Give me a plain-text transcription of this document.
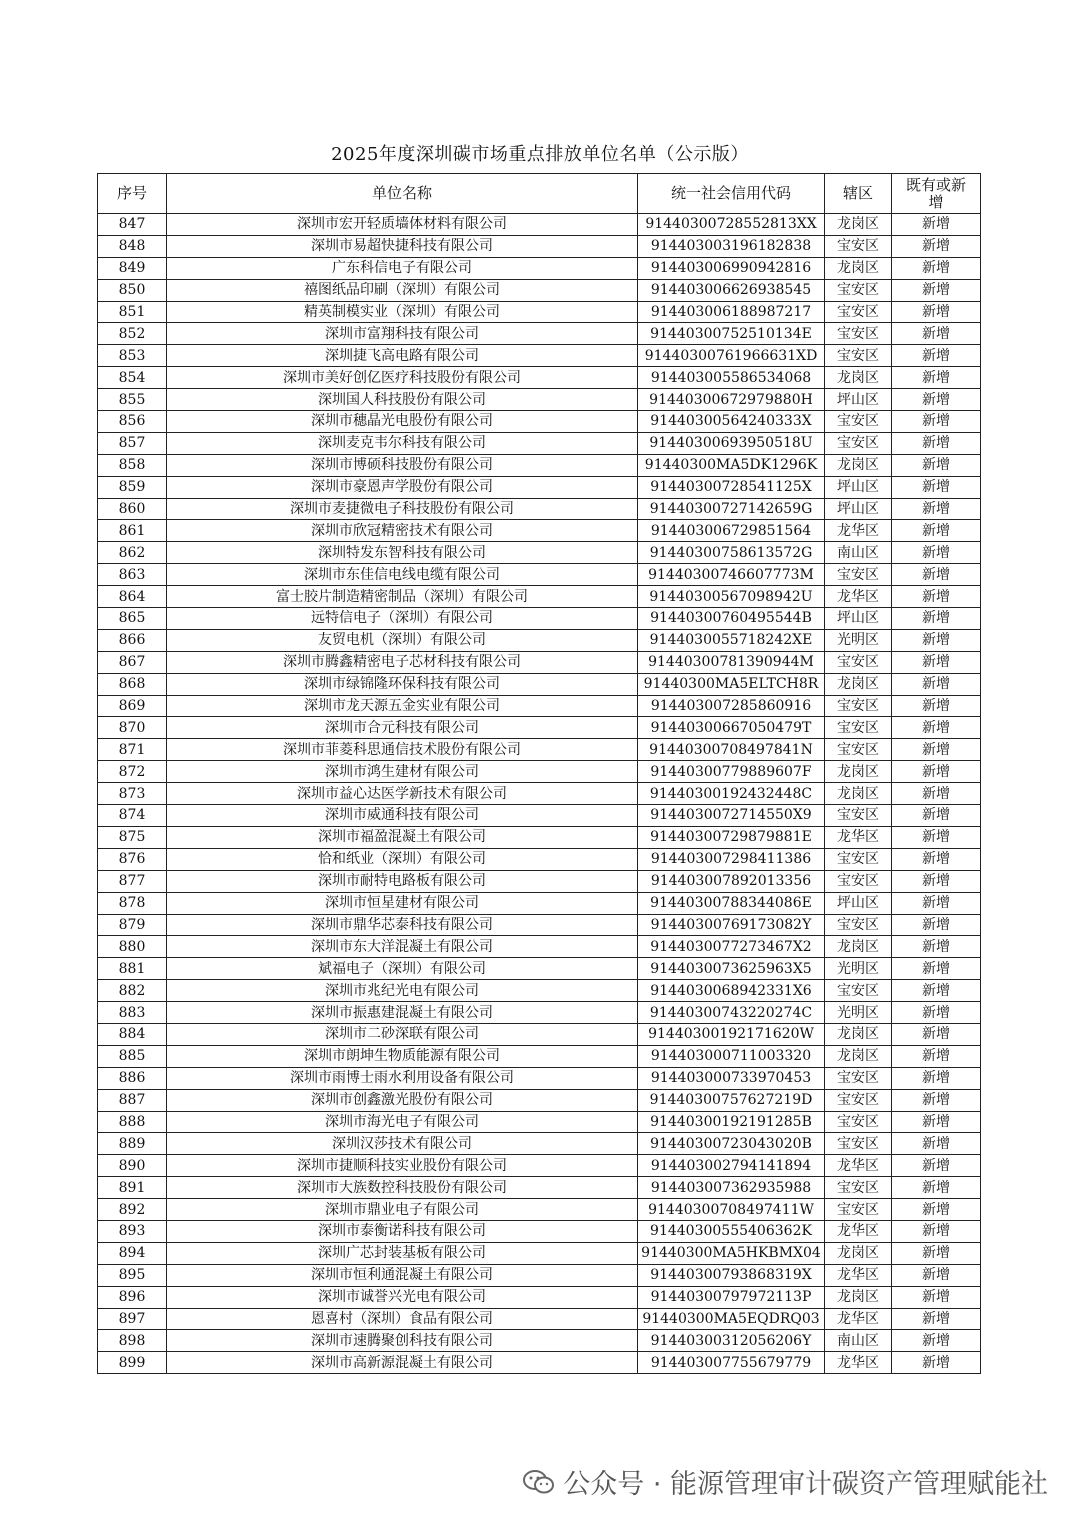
2025年度深圳碳市场重点排放单位名单（公示版）
序号	单位名称	统一社会信用代码	辖区	既有或新
增

847	深圳市宏开轻质墙体材料有限公司	91440300728552813XX	龙岗区	新增
848	深圳市易超快捷科技有限公司	914403003196182838	宝安区	新增
849	广东科信电子有限公司	914403006990942816	龙岗区	新增
850	禧图纸品印刷（深圳）有限公司	914403006626938545	宝安区	新增
851	精英制模实业（深圳）有限公司	914403006188987217	宝安区	新增
852	深圳市富翔科技有限公司	91440300752510134E	宝安区	新增
853	深圳捷飞高电路有限公司	91440300761966631XD	宝安区	新增
854	深圳市美好创亿医疗科技股份有限公司	914403005586534068	龙岗区	新增
855	深圳国人科技股份有限公司	91440300672979880H	坪山区	新增
856	深圳市穗晶光电股份有限公司	91440300564240333X	宝安区	新增
857	深圳麦克韦尔科技有限公司	91440300693950518U	宝安区	新增
858	深圳市博硕科技股份有限公司	91440300MA5DK1296K	龙岗区	新增
859	深圳市豪恩声学股份有限公司	91440300728541125X	坪山区	新增
860	深圳市麦捷微电子科技股份有限公司	91440300727142659G	坪山区	新增
861	深圳市欣冠精密技术有限公司	914403006729851564	龙华区	新增
862	深圳特发东智科技有限公司	91440300758613572G	南山区	新增
863	深圳市东佳信电线电缆有限公司	91440300746607773M	宝安区	新增
864	富士胶片制造精密制品（深圳）有限公司	91440300567098942U	龙华区	新增
865	远特信电子（深圳）有限公司	91440300760495544B	坪山区	新增
866	友贸电机（深圳）有限公司	9144030055718242XE	光明区	新增
867	深圳市腾鑫精密电子芯材科技有限公司	91440300781390944M	宝安区	新增
868	深圳市绿锦隆环保科技有限公司	91440300MA5ELTCH8R	龙岗区	新增
869	深圳市龙天源五金实业有限公司	914403007285860916	宝安区	新增
870	深圳市合元科技有限公司	91440300667050479T	宝安区	新增
871	深圳市菲菱科思通信技术股份有限公司	91440300708497841N	宝安区	新增
872	深圳市鸿生建材有限公司	91440300779889607F	龙岗区	新增
873	深圳市益心达医学新技术有限公司	91440300192432448C	龙岗区	新增
874	深圳市威通科技有限公司	9144030072714550X9	宝安区	新增
875	深圳市福盈混凝土有限公司	91440300729879881E	龙华区	新增
876	恰和纸业（深圳）有限公司	914403007298411386	宝安区	新增
877	深圳市耐特电路板有限公司	914403007892013356	宝安区	新增
878	深圳市恒星建材有限公司	91440300788344086E	坪山区	新增
879	深圳市鼎华芯泰科技有限公司	91440300769173082Y	宝安区	新增
880	深圳市东大洋混凝土有限公司	9144030077273467X2	龙岗区	新增
881	斌福电子（深圳）有限公司	9144030073625963X5	光明区	新增
882	深圳市兆纪光电有限公司	9144030068942331X6	宝安区	新增
883	深圳市振惠建混凝土有限公司	91440300743220274C	光明区	新增
884	深圳市二砂深联有限公司	91440300192171620W	龙岗区	新增
885	深圳市朗坤生物质能源有限公司	914403000711003320	龙岗区	新增
886	深圳市雨博士雨水利用设备有限公司	914403000733970453	宝安区	新增
887	深圳市创鑫激光股份有限公司	91440300757627219D	宝安区	新增
888	深圳市海光电子有限公司	91440300192191285B	宝安区	新增
889	深圳汉莎技术有限公司	91440300723043020B	宝安区	新增
890	深圳市捷顺科技实业股份有限公司	914403002794141894	龙华区	新增
891	深圳市大族数控科技股份有限公司	914403007362935988	宝安区	新增
892	深圳市鼎业电子有限公司	91440300708497411W	宝安区	新增
893	深圳市泰衡诺科技有限公司	91440300555406362K	龙华区	新增
894	深圳广芯封装基板有限公司	91440300MA5HKBMX04	龙岗区	新增
895	深圳市恒利通混凝土有限公司	91440300793868319X	龙华区	新增
896	深圳市诚誉兴光电有限公司	91440300797972113P	龙岗区	新增
897	恩喜村（深圳）食品有限公司	91440300MA5EQDRQ03	龙华区	新增
898	深圳市速腾聚创科技有限公司	91440300312056206Y	南山区	新增
899	深圳市高新源混凝土有限公司	914403007755679779	龙华区	新增
公众号 · 能源管理审计碳资产管理赋能社
